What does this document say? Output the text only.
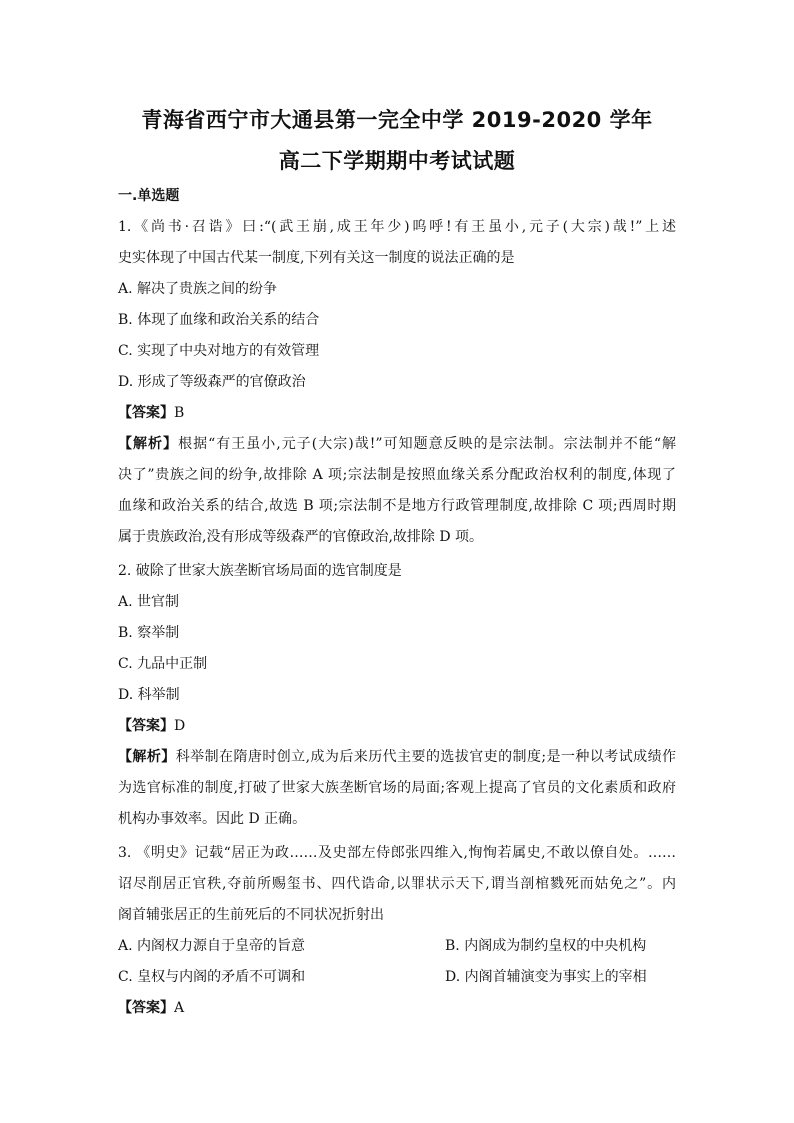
青海省西宁市大通县第一完全中学 2019-2020 学年
高二下学期期中考试试题
一.单选题
1.《尚书·召诰》曰:“(武王崩,成王年少)呜呼!有王虽小,元子(大宗)哉!”上述
史实体现了中国古代某一制度,下列有关这一制度的说法正确的是
A. 解决了贵族之间的纷争
B. 体现了血缘和政治关系的结合
C. 实现了中央对地方的有效管理
D. 形成了等级森严的官僚政治
【答案】B
【解析】根据“有王虽小,元子(大宗)哉!”可知题意反映的是宗法制。宗法制并不能“解
决了”贵族之间的纷争,故排除 A 项;宗法制是按照血缘关系分配政治权利的制度,体现了
血缘和政治关系的结合,故选 B 项;宗法制不是地方行政管理制度,故排除 C 项;西周时期
属于贵族政治,没有形成等级森严的官僚政治,故排除 D 项。
2. 破除了世家大族垄断官场局面的选官制度是
A. 世官制
B. 察举制
C. 九品中正制
D. 科举制
【答案】D
【解析】科举制在隋唐时创立,成为后来历代主要的选拔官吏的制度;是一种以考试成绩作
为选官标准的制度,打破了世家大族垄断官场的局面;客观上提高了官员的文化素质和政府
机构办事效率。因此 D 正确。
3. 《明史》记载“居正为政……及史部左侍郎张四维入,恂恂若属史,不敢以僚自处。……
诏尽削居正官秩,夺前所赐玺书、四代诰命,以罪状示天下,谓当剖棺戮死而姑免之”。内
阁首辅张居正的生前死后的不同状况折射出
A. 内阁权力源自于皇帝的旨意	B. 内阁成为制约皇权的中央机构
C. 皇权与内阁的矛盾不可调和	D. 内阁首辅演变为事实上的宰相
【答案】A
